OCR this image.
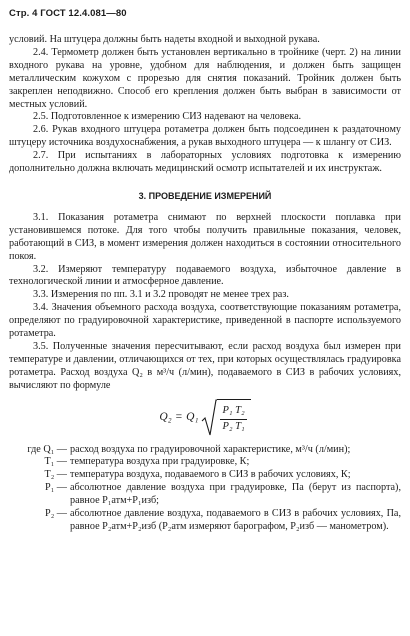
Стр. 4 ГОСТ 12.4.081—80

условий. На штуцера должны быть надеты входной и выходной рукава.

2.4. Термометр должен быть установлен вертикально в тройнике (черт. 2) на линии входного рукава на уровне, удобном для наблюдения, и должен быть защищен металлическим кожухом с прорезью для снятия показаний. Тройник должен быть закреплен неподвижно. Способ его крепления должен быть выбран в зависимости от местных условий.

2.5. Подготовленное к измерению СИЗ надевают на человека.

2.6. Рукав входного штуцера ротаметра должен быть подсоединен к раздаточному штуцеру источника воздухоснабжения, а рукав выходного штуцера — к шлангу от СИЗ.

2.7. При испытаниях в лабораторных условиях подготовка к измерению дополнительно должна включать медицинский осмотр испытателей и их инструктаж.

3. ПРОВЕДЕНИЕ ИЗМЕРЕНИЙ

3.1. Показания ротаметра снимают по верхней плоскости поплавка при установившемся потоке. Для того чтобы получить правильные показания, человек, работающий в СИЗ, в момент измерения должен находиться в состоянии относительного покоя.

3.2. Измеряют температуру подаваемого воздуха, избыточное давление в технологической линии и атмосферное давление.

3.3. Измерения по пп. 3.1 и 3.2 проводят не менее трех раз.

3.4. Значения объемного расхода воздуха, соответствующие показаниям ротаметра, определяют по градуировочной характеристике, приведенной в паспорте используемого ротаметра.

3.5. Полученные значения пересчитывают, если расход воздуха был измерен при температуре и давлении, отличающихся от тех, при которых осуществлялась градуировка ротаметра. Расход воздуха Q₂ в м³/ч (л/мин), подаваемого в СИЗ в рабочих условиях, вычисляют по формуле

$Q_2 = Q_1 \frac{\text{P₁ T₂}}{\text{P₂ T₁}}$
где Q₁ — расход воздуха по градуировочной характеристике, м³/ч (л/мин);
T₁ — температура воздуха при градуировке, К;
T₂ — температура воздуха, подаваемого в СИЗ в рабочих условиях, К;
P₁ — абсолютное давление воздуха при градуировке, Па (берут из паспорта), равное P₁атм+P₁изб;
P₂ — абсолютное давление воздуха, подаваемого в СИЗ в рабочих условиях, Па, равное P₂атм+P₂изб (P₂атм измеряют барографом, P₂изб — манометром).
